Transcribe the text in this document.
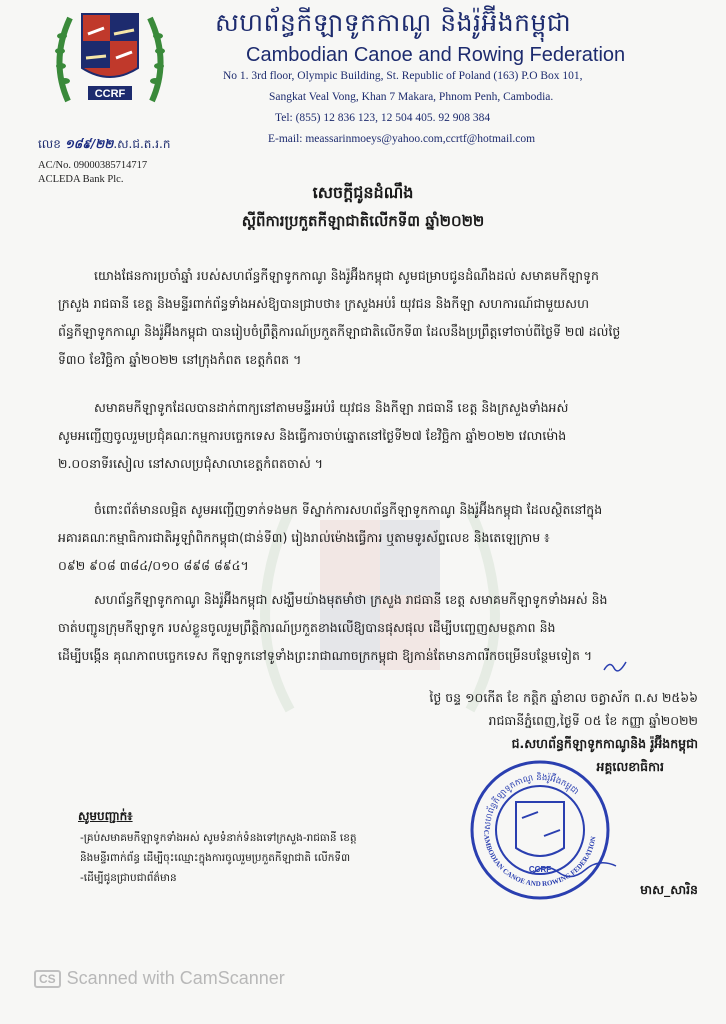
CCRF
សហព័ន្ធកីឡាទូកកាណូ និងរ៉ូអ៊ីងកម្ពុជា
Cambodian Canoe and Rowing Federation
No 1. 3rd floor, Olympic Building, St. Republic of Poland (163) P.O Box 101,
Sangkat Veal Vong, Khan 7 Makara, Phnom Penh, Cambodia.
Tel: (855) 12 836 123, 12 504 405. 92 908 384
E-mail: meassarinmoeys@yahoo.com,ccrtf@hotmail.com
លេខ ១៨៩/២២.ស.ជ.ត.រ.ក
AC/No. 09000385714717
ACLEDA Bank Plc.
សេចក្តីជូនដំណឹង
ស្តីពីការប្រកួតកីឡាជាតិលើកទី៣ ឆ្នាំ២០២២
យោងផែនការប្រចាំឆ្នាំ របស់សហព័ន្ធកីឡាទូកកាណូ និងរ៉ូអ៊ីងកម្ពុជា សូមជម្រាបជូនដំណឹងដល់ សមាគមកីឡាទូក
ក្រសួង រាជធានី ខេត្ត និងមន្ទីរពាក់ព័ន្ធទាំងអស់ឱ្យបានជ្រាបថា៖ ក្រសួងអប់រំ យុវជន និងកីឡា សហការណ៍ជាមួយសហ
ព័ន្ធកីឡាទូកកាណូ និងរ៉ូអ៊ីងកម្ពុជា បានរៀបចំព្រឹត្តិការណ៍ប្រកួតកីឡាជាតិលើកទី៣ ដែលនឹងប្រព្រឹត្តទៅចាប់ពីថ្ងៃទី ២៧ ដល់ថ្ងៃ
ទី៣០ ខែវិច្ឆិកា ឆ្នាំ២០២២ នៅក្រុងកំពត ខេត្តកំពត ។
សមាគមកីឡាទូកដែលបានដាក់ពាក្យនៅតាមមន្ទីរអប់រំ យុវជន និងកីឡា រាជធានី ខេត្ត និងក្រសួងទាំងអស់
សូមអញ្ជើញចូលរួមប្រជុំគណៈកម្មការបច្ចេកទេស និងធ្វើការចាប់ឆ្នោតនៅថ្ងៃទី២៧ ខែវិច្ឆិកា ឆ្នាំ២០២២ វេលាម៉ោង
២.០០នាទីរសៀល នៅសាលប្រជុំសាលាខេត្តកំពតចាស់ ។
ចំពោះព័ត៌មានលម្អិត សូមអញ្ជើញទាក់ទងមក ទីស្នាក់ការសហព័ន្ធកីឡាទូកកាណូ និងរ៉ូអ៊ីងកម្ពុជា ដែលស្ថិតនៅក្នុង
អគារគណៈកម្មាធិការជាតិអូឡាំពិកកម្ពុជា(ជាន់ទី៣) រៀងរាល់ម៉ោងធ្វើការ ឬតាមទូរស័ព្ទលេខ និងតេឡេក្រាម ៖
០៩២ ៩០៨ ៣៨៤/០១០ ៨៩៨ ៨៩៤។
សហព័ន្ធកីឡាទូកកាណូ និងរ៉ូអ៊ីងកម្ពុជា សង្ឃឹមយ៉ាងមុតមាំថា ក្រសួង រាជធានី ខេត្ត សមាគមកីឡាទូកទាំងអស់ និង
ចាត់បញ្ជូនក្រុមកីឡាទូក របស់ខ្លួនចូលរួមព្រឹត្តិការណ៍ប្រកួតខាងលើឱ្យបានផុសផុល ដើម្បីបញ្ចេញសមត្ថភាព និង
ដើម្បីបង្កើន គុណភាពបច្ចេកទេស កីឡាទូកនៅទូទាំងព្រះរាជាណាចក្រកម្ពុជា ឱ្យកាន់តែមានភាពរីកចម្រើនបន្ថែមទៀត ។
ថ្ងៃ ចន្ទ ១០កើត ខែ កត្តិក ឆ្នាំខាល ចត្វាស័ក ព.ស ២៥៦៦
រាជធានីភ្នំពេញ,ថ្ងៃទី ០៥ ខែ កញ្ញា ឆ្នាំ២០២២
ជ.សហព័ន្ធកីឡាទូកកាណូនិង រ៉ូអ៊ីងកម្ពុជា
អគ្គលេខាធិការ
សហព័ន្ធកីឡាទូកកាណូ និងរ៉ូអ៊ីងកម្ពុជា
CAMBODIAN CANOE AND ROWING FEDERATION
CCRF
មាស_សារិន
សូមបញ្ជាក់៖
-គ្រប់សមាគមកីឡាទូកទាំងអស់ សូមទំនាក់ទំនងទៅក្រសួង-រាជធានី ខេត្ត
និងមន្ទីរពាក់ព័ន្ធ ដើម្បីចុះឈ្មោះក្នុងការចូលរួមប្រកួតកីឡាជាតិ លើកទី៣
-ដើម្បីជូនជ្រាបជាព័ត៌មាន
CS Scanned with CamScanner
